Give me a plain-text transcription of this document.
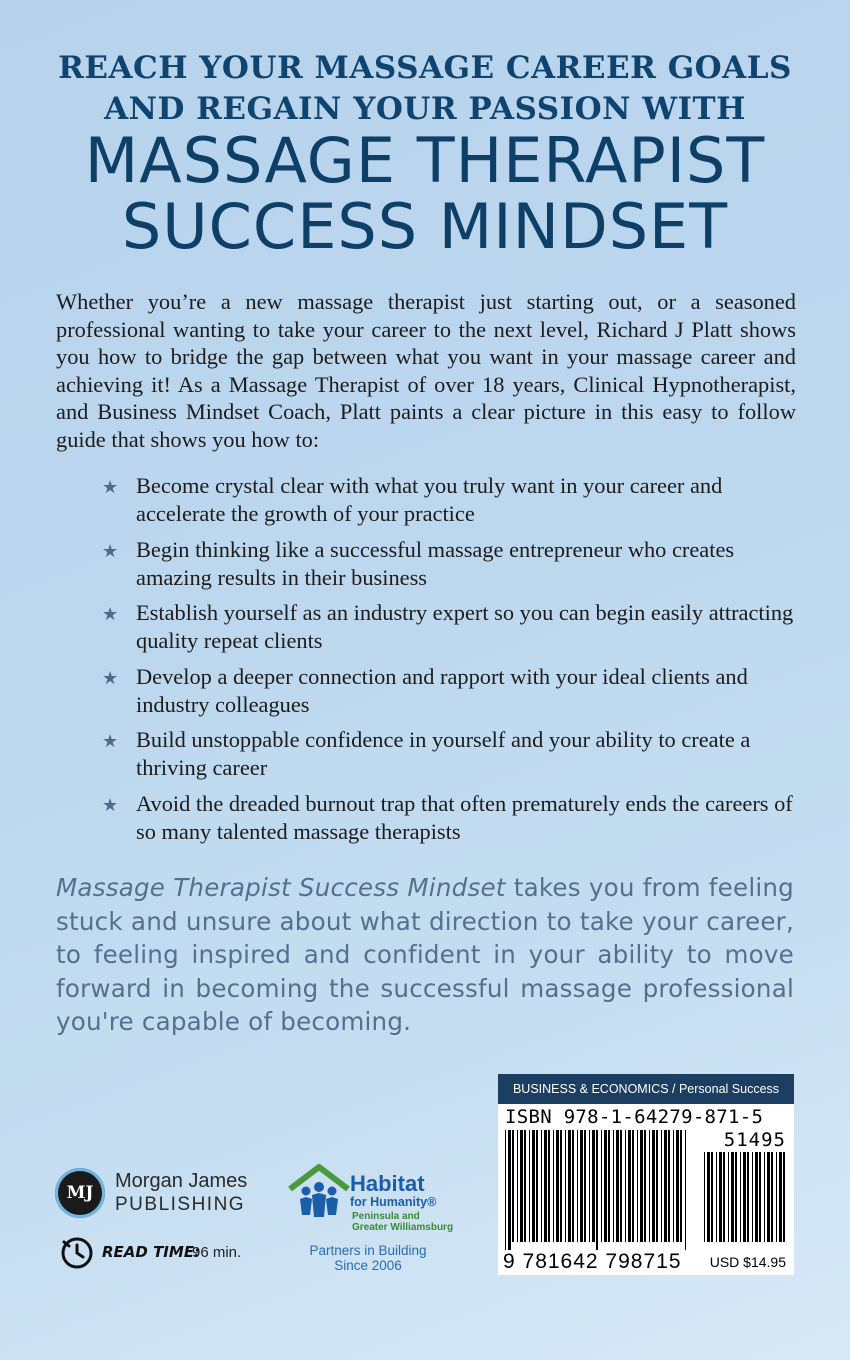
REACH YOUR MASSAGE CAREER GOALS
AND REGAIN YOUR PASSION WITH
MASSAGE THERAPIST
SUCCESS MINDSET

Whether you’re a new massage therapist just starting out, or a seasoned professional wanting to take your career to the next level, Richard J Platt shows you how to bridge the gap between what you want in your massage career and achieving it! As a Massage Therapist of over 18 years, Clinical Hypnotherapist, and Business Mindset Coach, Platt paints a clear picture in this easy to follow guide that shows you how to:

★ Become crystal clear with what you truly want in your career and accelerate the growth of your practice
★ Begin thinking like a successful massage entrepreneur who creates amazing results in their business
★ Establish yourself as an industry expert so you can begin easily attracting quality repeat clients
★ Develop a deeper connection and rapport with your ideal clients and industry colleagues
★ Build unstoppable confidence in yourself and your ability to create a thriving career
★ Avoid the dreaded burnout trap that often prematurely ends the careers of so many talented massage therapists

Massage Therapist Success Mindset takes you from feeling stuck and unsure about what direction to take your career, to feeling inspired and confident in your ability to move forward in becoming the successful massage professional you're capable of becoming.

MJ
Morgan James
PUBLISHING
READ TIME:
96 min.
Habitat
for Humanity®
Peninsula and
Greater Williamsburg
Partners in Building
Since 2006
BUSINESS & ECONOMICS / Personal Success
ISBN 978-1-64279-871-5
51495
9 781642 798715 USD $14.95
